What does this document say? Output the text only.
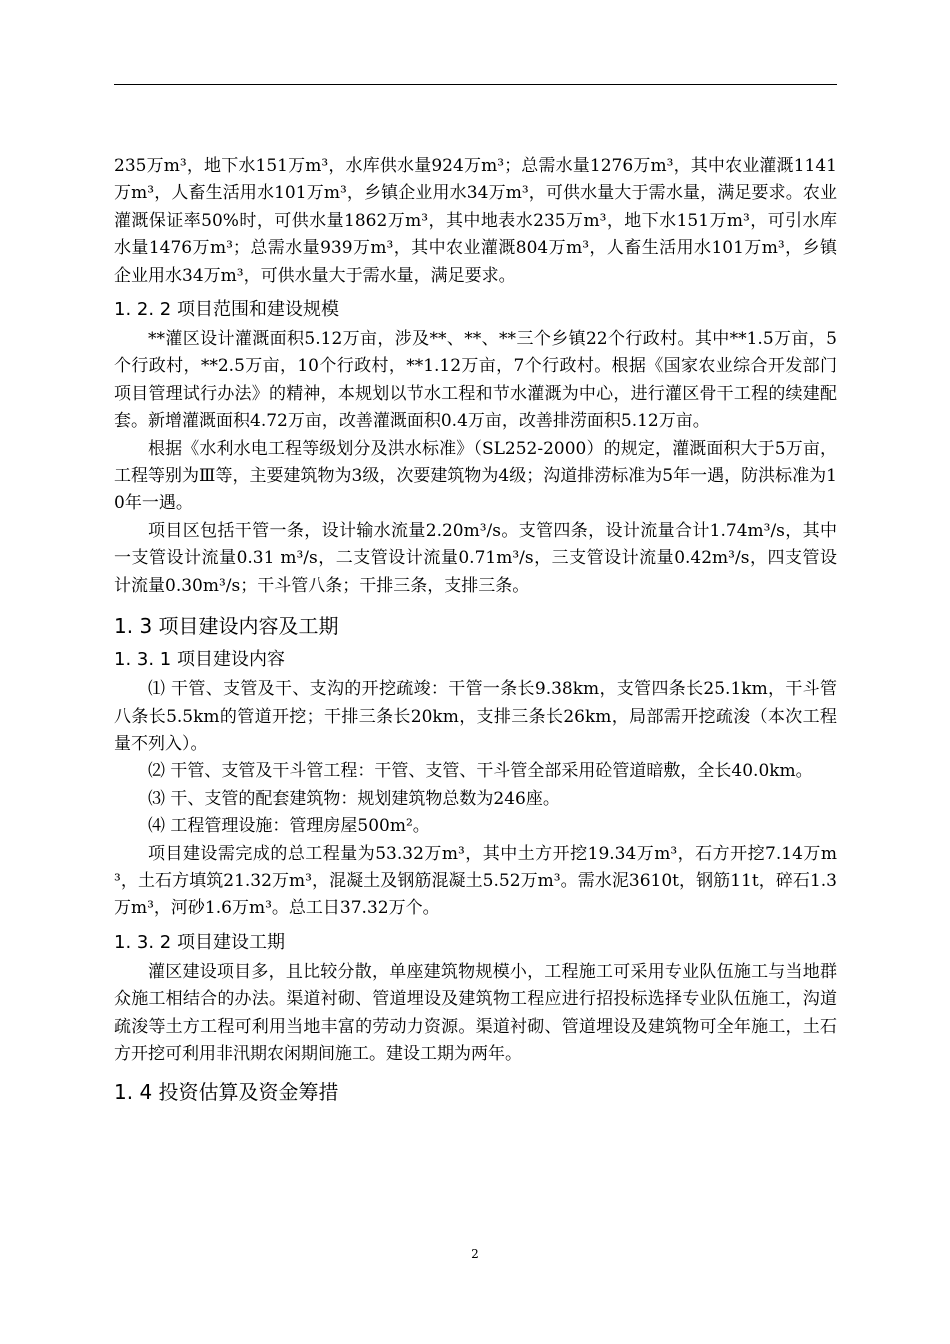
235万m³，地下水151万m³，水库供水量924万m³；总需水量1276万m³，其中农业灌溉1141万m³，人畜生活用水101万m³，乡镇企业用水34万m³，可供水量大于需水量，满足要求。农业灌溉保证率50%时，可供水量1862万m³，其中地表水235万m³，地下水151万m³，可引水库水量1476万m³；总需水量939万m³，其中农业灌溉804万m³，人畜生活用水101万m³，乡镇企业用水34万m³，可供水量大于需水量，满足要求。

1. 2. 2 项目范围和建设规模

**灌区设计灌溉面积5.12万亩，涉及**、**、**三个乡镇22个行政村。其中**1.5万亩，5个行政村，**2.5万亩，10个行政村，**1.12万亩，7个行政村。根据《国家农业综合开发部门项目管理试行办法》的精神，本规划以节水工程和节水灌溉为中心，进行灌区骨干工程的续建配套。新增灌溉面积4.72万亩，改善灌溉面积0.4万亩，改善排涝面积5.12万亩。

根据《水利水电工程等级划分及洪水标准》（SL252-2000）的规定，灌溉面积大于5万亩，工程等别为Ⅲ等，主要建筑物为3级，次要建筑物为4级；沟道排涝标准为5年一遇，防洪标准为10年一遇。

项目区包括干管一条，设计输水流量2.20m³/s。支管四条，设计流量合计1.74m³/s，其中一支管设计流量0.31 m³/s，二支管设计流量0.71m³/s，三支管设计流量0.42m³/s，四支管设计流量0.30m³/s；干斗管八条；干排三条，支排三条。

1. 3 项目建设内容及工期
1. 3. 1 项目建设内容

⑴ 干管、支管及干、支沟的开挖疏竣：干管一条长9.38km，支管四条长25.1km，干斗管八条长5.5km的管道开挖；干排三条长20km，支排三条长26km，局部需开挖疏浚（本次工程量不列入）。

⑵ 干管、支管及干斗管工程：干管、支管、干斗管全部采用砼管道暗敷，全长40.0km。

⑶ 干、支管的配套建筑物：规划建筑物总数为246座。

⑷ 工程管理设施：管理房屋500m²。

项目建设需完成的总工程量为53.32万m³，其中土方开挖19.34万m³，石方开挖7.14万m³，土石方填筑21.32万m³，混凝土及钢筋混凝土5.52万m³。需水泥3610t，钢筋11t，碎石1.3万m³，河砂1.6万m³。总工日37.32万个。

1. 3. 2 项目建设工期

灌区建设项目多，且比较分散，单座建筑物规模小，工程施工可采用专业队伍施工与当地群众施工相结合的办法。渠道衬砌、管道埋设及建筑物工程应进行招投标选择专业队伍施工，沟道疏浚等土方工程可利用当地丰富的劳动力资源。渠道衬砌、管道埋设及建筑物可全年施工，土石方开挖可利用非汛期农闲期间施工。建设工期为两年。

1. 4 投资估算及资金筹措
2
